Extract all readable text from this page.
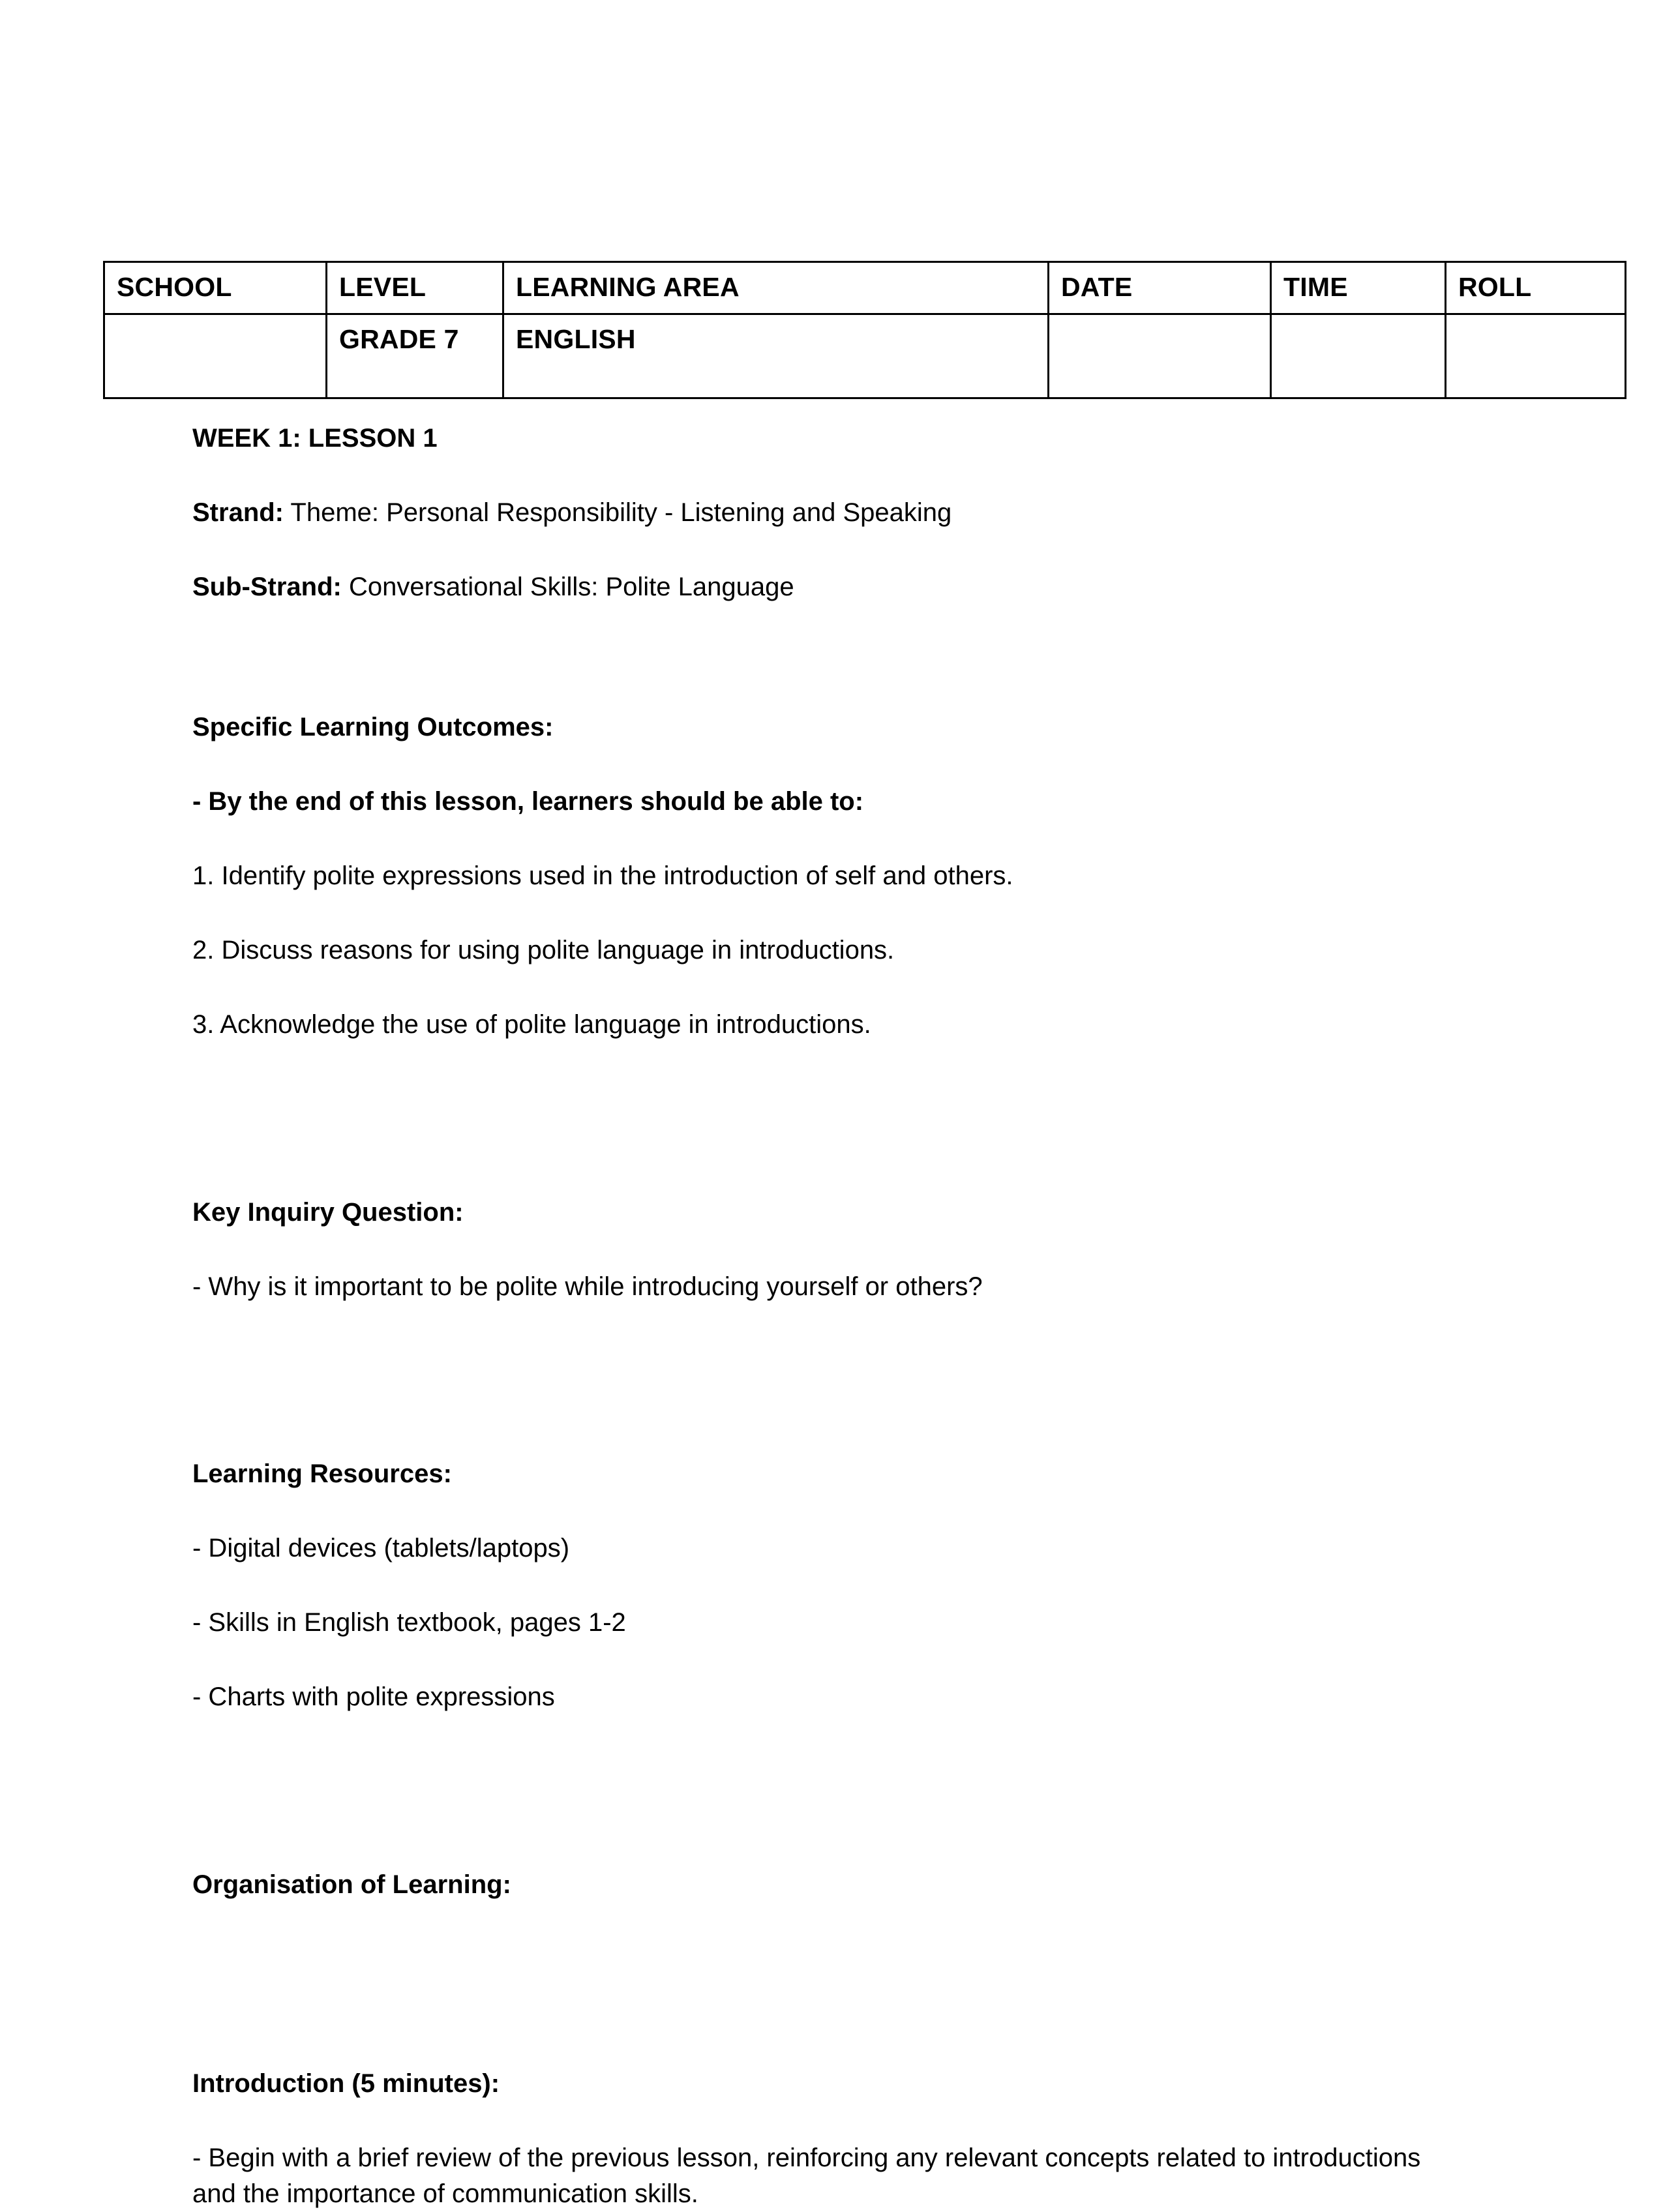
SCHOOL	LEVEL	LEARNING AREA	DATE	TIME	ROLL
	GRADE 7	ENGLISH			

WEEK 1: LESSON 1

Strand: Theme: Personal Responsibility - Listening and Speaking

Sub-Strand: Conversational Skills: Polite Language

Specific Learning Outcomes:

- By the end of this lesson, learners should be able to:

1. Identify polite expressions used in the introduction of self and others.

2. Discuss reasons for using polite language in introductions.

3. Acknowledge the use of polite language in introductions.

Key Inquiry Question:

- Why is it important to be polite while introducing yourself or others?

Learning Resources:

- Digital devices (tablets/laptops)

- Skills in English textbook, pages 1-2

- Charts with polite expressions

Organisation of Learning:

Introduction (5 minutes):

- Begin with a brief review of the previous lesson, reinforcing any relevant concepts related to introductions and the importance of communication skills.
